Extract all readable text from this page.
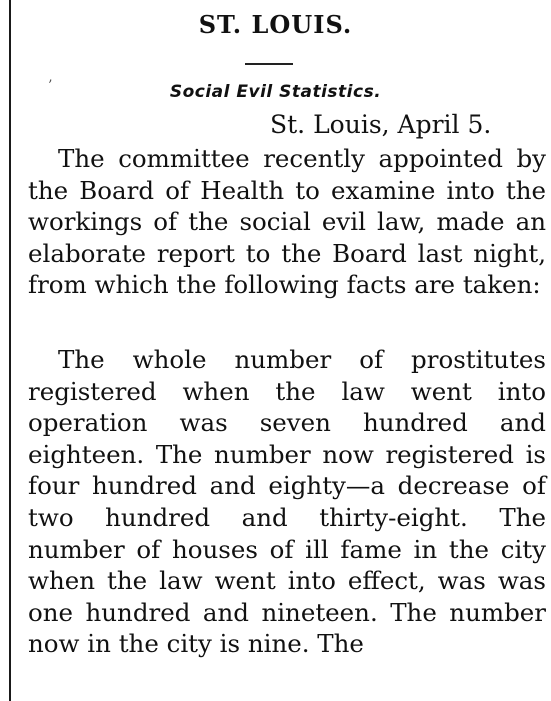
ST. LOUIS.
’	Social Evil Statistics.
St. Louis, April 5.

The committee recently appointed by the Board of Health to examine into the workings of the social evil law, made an elaborate report to the Board last night, from which the following facts are taken:

The whole number of prostitutes registered when the law went into operation was seven hundred and eighteen. The number now registered is four hundred and eighty—a decrease of two hundred and thirty-eight. The number of houses of ill fame in the city when the law went into effect, was was one hundred and nineteen. The number now in the city is nine. The
